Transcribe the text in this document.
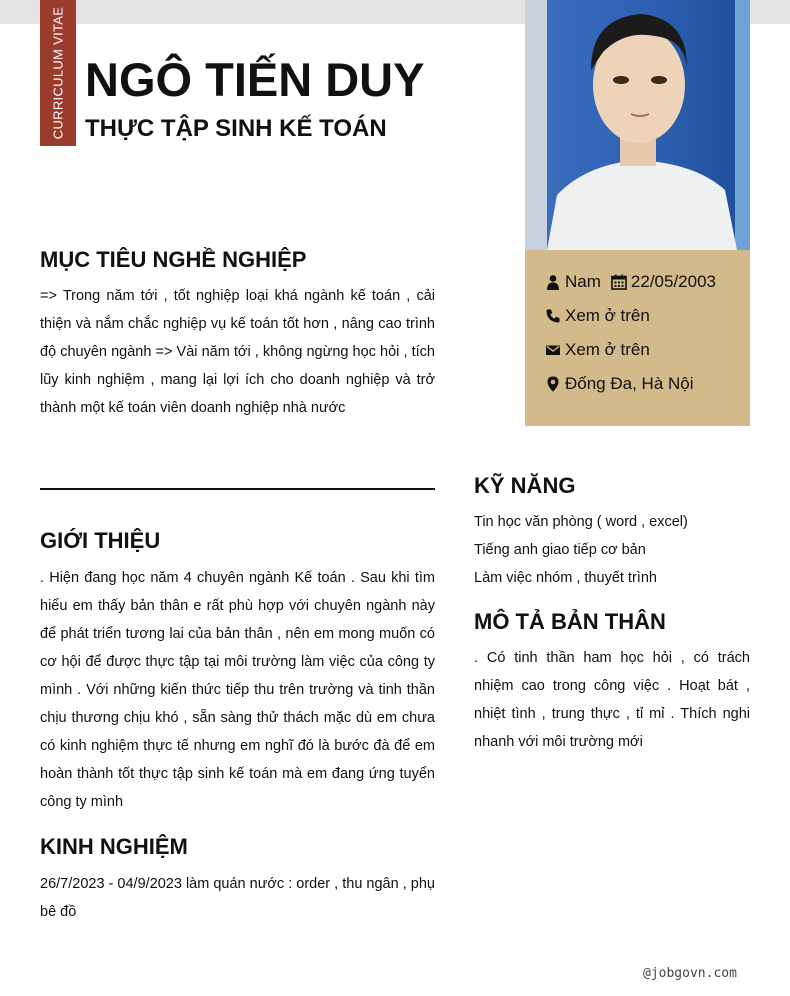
CURRICULUM VITAE NGÔ TIẾN DUY
THỰC TẬP SINH KẾ TOÁN
Nam 22/05/2003
Xem ở trên
Xem ở trên
Đống Đa, Hà Nội
MỤC TIÊU NGHỀ NGHIỆP
=> Trong năm tới , tốt nghiệp loại khá ngành kế toán , cải thiện và nắm chắc nghiệp vụ kế toán tốt hơn , nâng cao trình độ chuyên ngành => Vài năm tới , không ngừng học hỏi , tích lũy kinh nghiệm , mang lại lợi ích cho doanh nghiệp và trở thành một kế toán viên doanh nghiệp nhà nước
GIỚI THIỆU
. Hiện đang học năm 4 chuyên ngành Kế toán . Sau khi tìm hiểu em thấy bản thân e rất phù hợp với chuyên ngành này để phát triển tương lai của bản thân , nên em mong muốn có cơ hội để được thực tập tại môi trường làm việc của công ty mình . Với những kiến thức tiếp thu trên trường và tinh thần chịu thương chịu khó , sẵn sàng thử thách mặc dù em chưa có kinh nghiệm thực tế nhưng em nghĩ đó là bước đà để em hoàn thành tốt thực tập sinh kế toán mà em đang ứng tuyển công ty mình
KINH NGHIỆM
26/7/2023 - 04/9/2023 làm quán nước : order , thu ngân , phụ bê đồ
KỸ NĂNG
Tin học văn phòng ( word , excel)
Tiếng anh giao tiếp cơ bản
Làm việc nhóm , thuyết trình
MÔ TẢ BẢN THÂN
. Có tinh thần ham học hỏi , có trách nhiệm cao trong công việc . Hoạt bát , nhiệt tình , trung thực , tỉ mỉ . Thích nghi nhanh với môi trường mới
@jobgovn.com
